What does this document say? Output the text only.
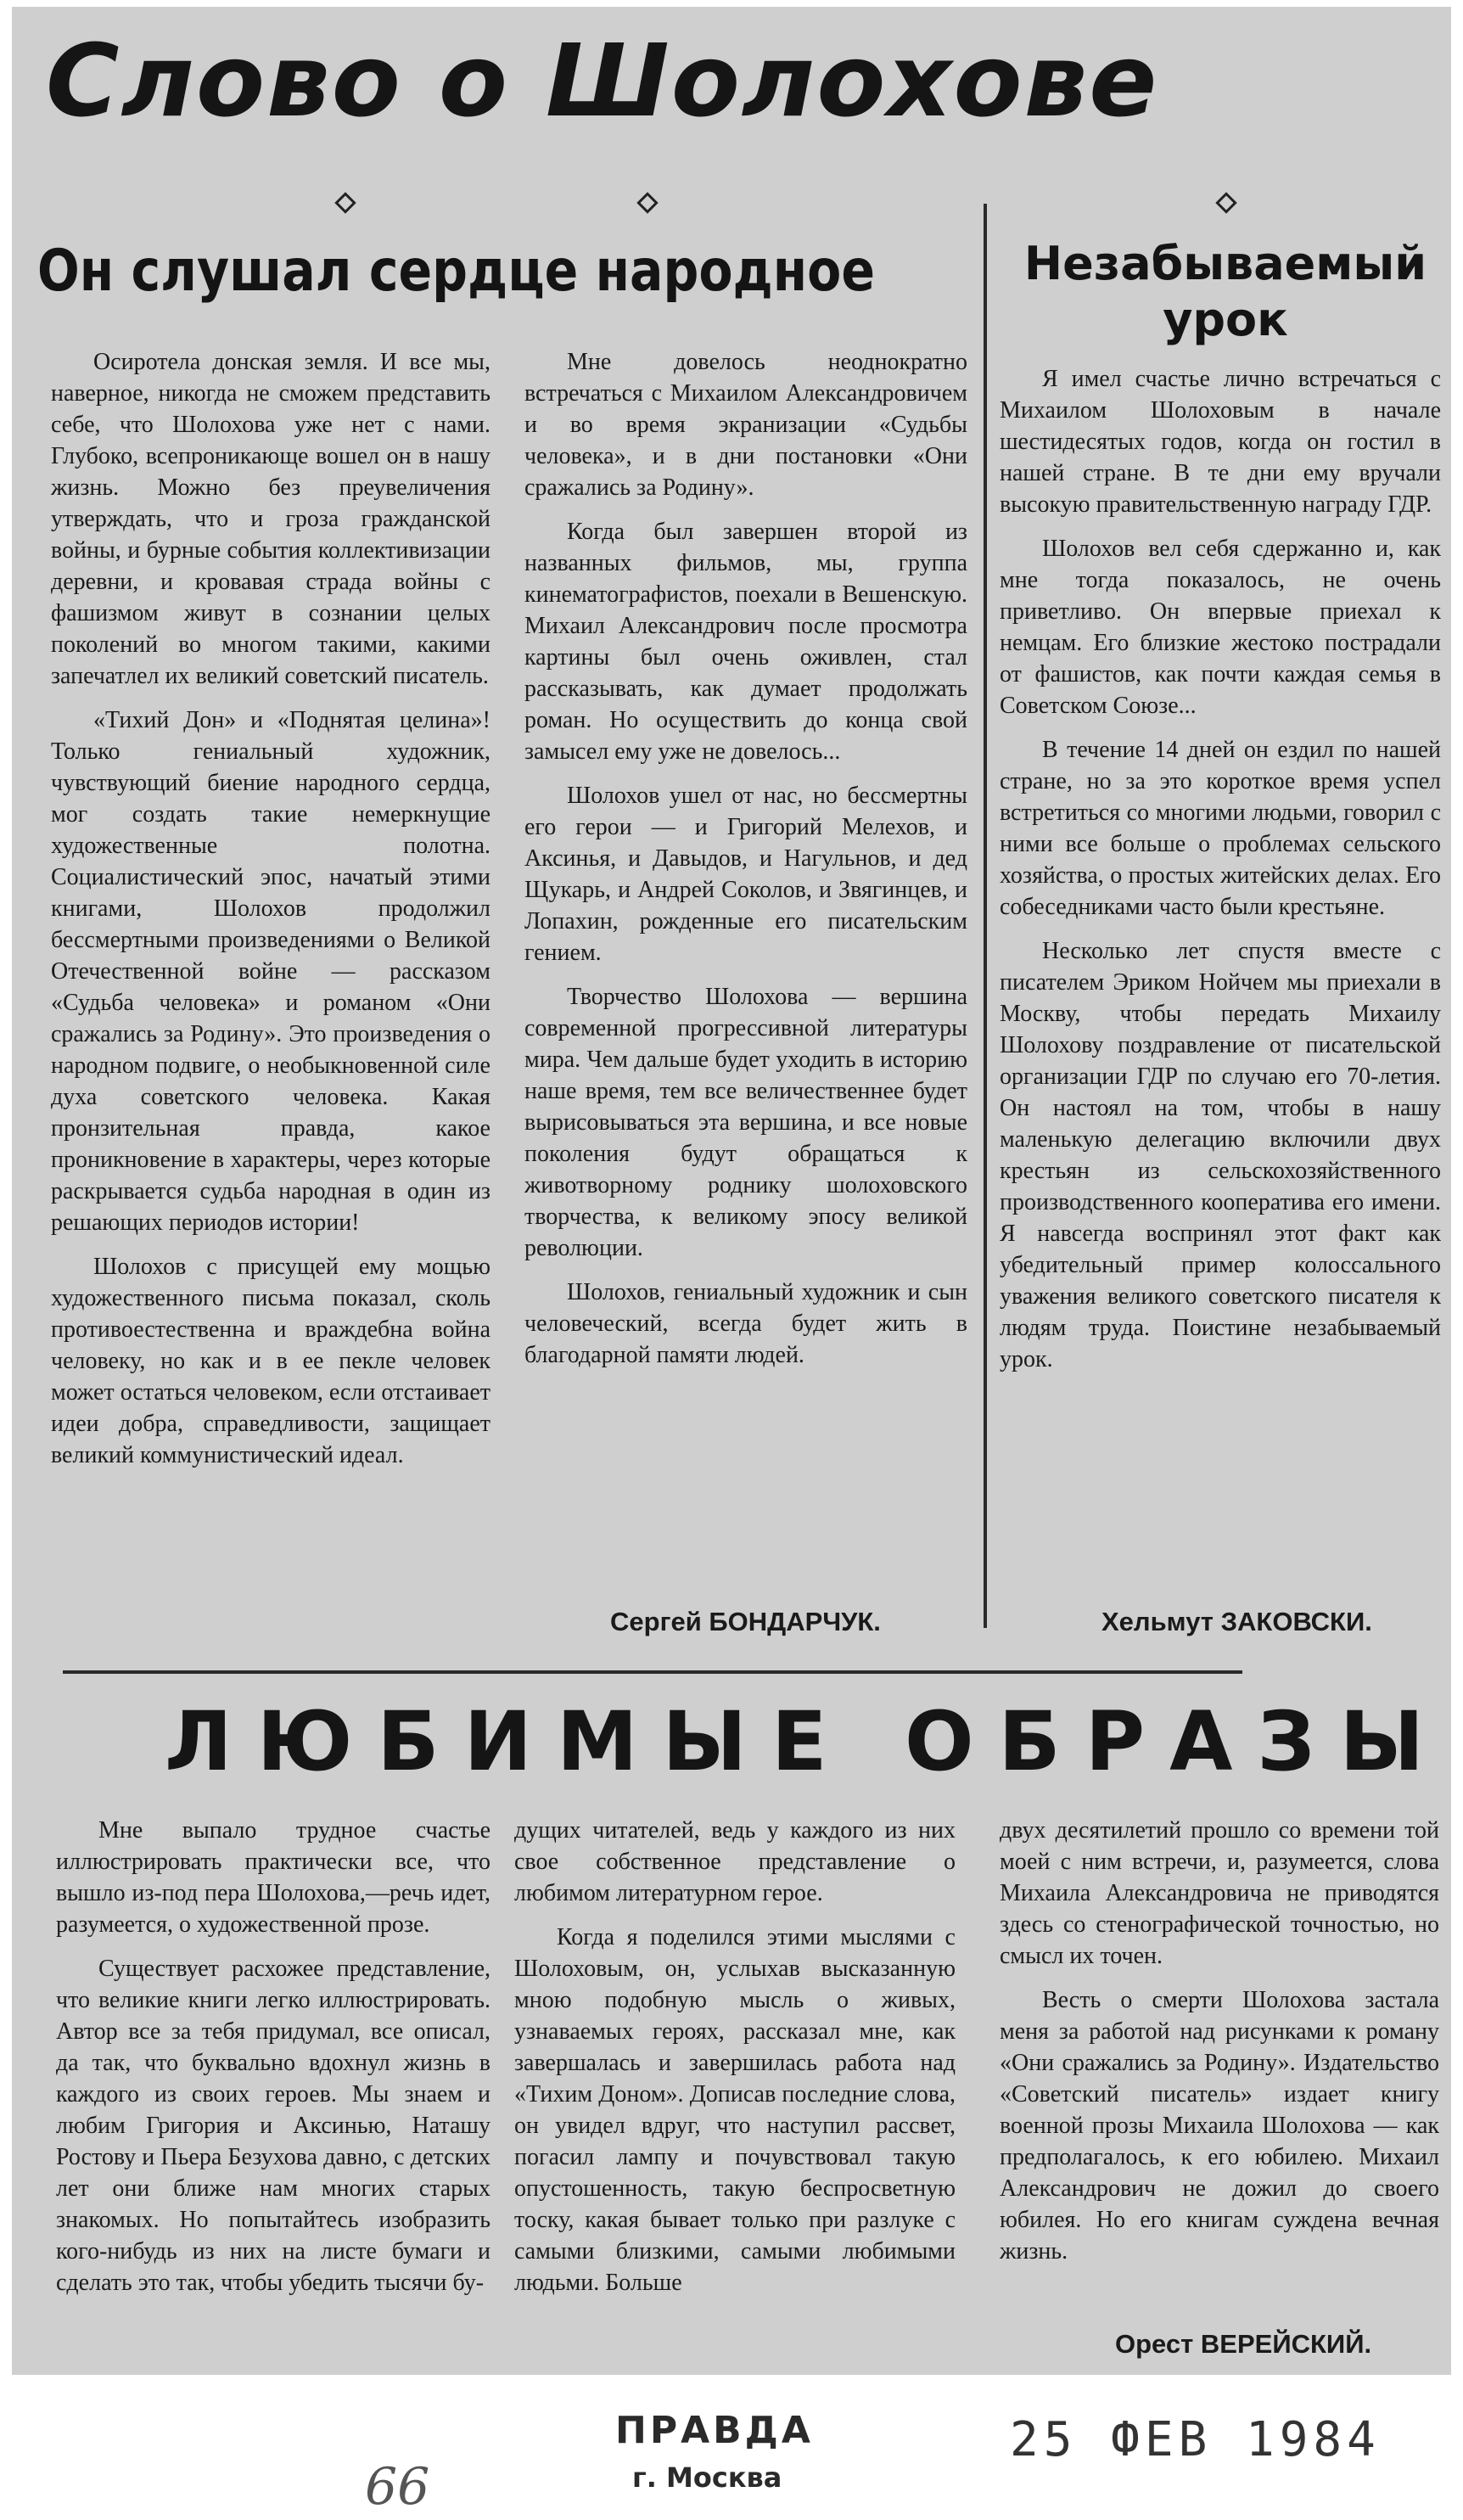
Слово о Шолохове
Он слушал сердце народное	Незабываемый
урок

Осиротела донская земля. И все мы, наверное, никогда не сможем представить себе, что Шолохова уже нет с нами. Глубоко, всепроникающе вошел он в нашу жизнь. Можно без преувеличения утверждать, что и гроза гражданской войны, и бурные события коллективизации деревни, и кровавая страда войны с фашизмом живут в сознании целых поколений во многом такими, какими запечатлел их великий советский писатель.

«Тихий Дон» и «Поднятая целина»! Только гениальный художник, чувствующий биение народного сердца, мог создать такие немеркнущие художественные полотна. Социалистический эпос, начатый этими книгами, Шолохов продолжил бессмертными произведениями о Великой Отечественной войне — рассказом «Судьба человека» и романом «Они сражались за Родину». Это произведения о народном подвиге, о необыкновенной силе духа советского человека. Какая пронзительная правда, какое проникновение в характеры, через которые раскрывается судьба народная в один из решающих периодов истории!

Шолохов с присущей ему мощью художественного письма показал, сколь противоестественна и враждебна война человеку, но как и в ее пекле человек может остаться человеком, если отстаивает идеи добра, справедливости, защищает великий коммунистический идеал.

Мне довелось неоднократно встречаться с Михаилом Александровичем и во время экранизации «Судьбы человека», и в дни постановки «Они сражались за Родину».

Когда был завершен второй из названных фильмов, мы, группа кинематографистов, поехали в Вешенскую. Михаил Александрович после просмотра картины был очень оживлен, стал рассказывать, как думает продолжать роман. Но осуществить до конца свой замысел ему уже не довелось...

Шолохов ушел от нас, но бессмертны его герои — и Григорий Мелехов, и Аксинья, и Давыдов, и Нагульнов, и дед Щукарь, и Андрей Соколов, и Звягинцев, и Лопахин, рожденные его писательским гением.

Творчество Шолохова — вершина современной прогрессивной литературы мира. Чем дальше будет уходить в историю наше время, тем все величественнее будет вырисовываться эта вершина, и все новые поколения будут обращаться к животворному роднику шолоховского творчества, к великому эпосу великой революции.

Шолохов, гениальный художник и сын человеческий, всегда будет жить в благодарной памяти людей.

Сергей БОНДАРЧУК.

Я имел счастье лично встречаться с Михаилом Шолоховым в начале шестидесятых годов, когда он гостил в нашей стране. В те дни ему вручали высокую правительственную награду ГДР.

Шолохов вел себя сдержанно и, как мне тогда показалось, не очень приветливо. Он впервые приехал к немцам. Его близкие жестоко пострадали от фашистов, как почти каждая семья в Советском Союзе...

В течение 14 дней он ездил по нашей стране, но за это короткое время успел встретиться со многими людьми, говорил с ними все больше о проблемах сельского хозяйства, о простых житейских делах. Его собеседниками часто были крестьяне.

Несколько лет спустя вместе с писателем Эриком Нойчем мы приехали в Москву, чтобы передать Михаилу Шолохову поздравление от писательской организации ГДР по случаю его 70-летия. Он настоял на том, чтобы в нашу маленькую делегацию включили двух крестьян из сельскохозяйственного производственного кооператива его имени. Я навсегда воспринял этот факт как убедительный пример колоссального уважения великого советского писателя к людям труда. Поистине незабываемый урок.

Хельмут ЗАКОВСКИ.
ЛЮБИМЫЕ ОБРАЗЫ

Мне выпало трудное счастье иллюстрировать практически все, что вышло из-под пера Шолохова,—речь идет, разумеется, о художественной прозе.

Существует расхожее представление, что великие книги легко иллюстрировать. Автор все за тебя придумал, все описал, да так, что буквально вдохнул жизнь в каждого из своих героев. Мы знаем и любим Григория и Аксинью, Наташу Ростову и Пьера Безухова давно, с детских лет они ближе нам многих старых знакомых. Но попытайтесь изобразить кого-нибудь из них на листе бумаги и сделать это так, чтобы убедить тысячи бу-

дущих читателей, ведь у каждого из них свое собственное представление о любимом литературном герое.

Когда я поделился этими мыслями с Шолоховым, он, услыхав высказанную мною подобную мысль о живых, узнаваемых героях, рассказал мне, как завершалась и завершилась работа над «Тихим Доном». Дописав последние слова, он увидел вдруг, что наступил рассвет, погасил лампу и почувствовал такую опустошенность, такую беспросветную тоску, какая бывает только при разлуке с самыми близкими, самыми любимыми людьми. Больше

двух десятилетий прошло со времени той моей с ним встречи, и, разумеется, слова Михаила Александровича не приводятся здесь со стенографической точностью, но смысл их точен.

Весть о смерти Шолохова застала меня за работой над рисунками к роману «Они сражались за Родину». Издательство «Советский писатель» издает книгу военной прозы Михаила Шолохова — как предполагалось, к его юбилею. Михаил Александрович не дожил до своего юбилея. Но его книгам суждена вечная жизнь.

Орест ВЕРЕЙСКИЙ.
ПРАВДА
г. Москва
25 ФЕВ 1984
66
